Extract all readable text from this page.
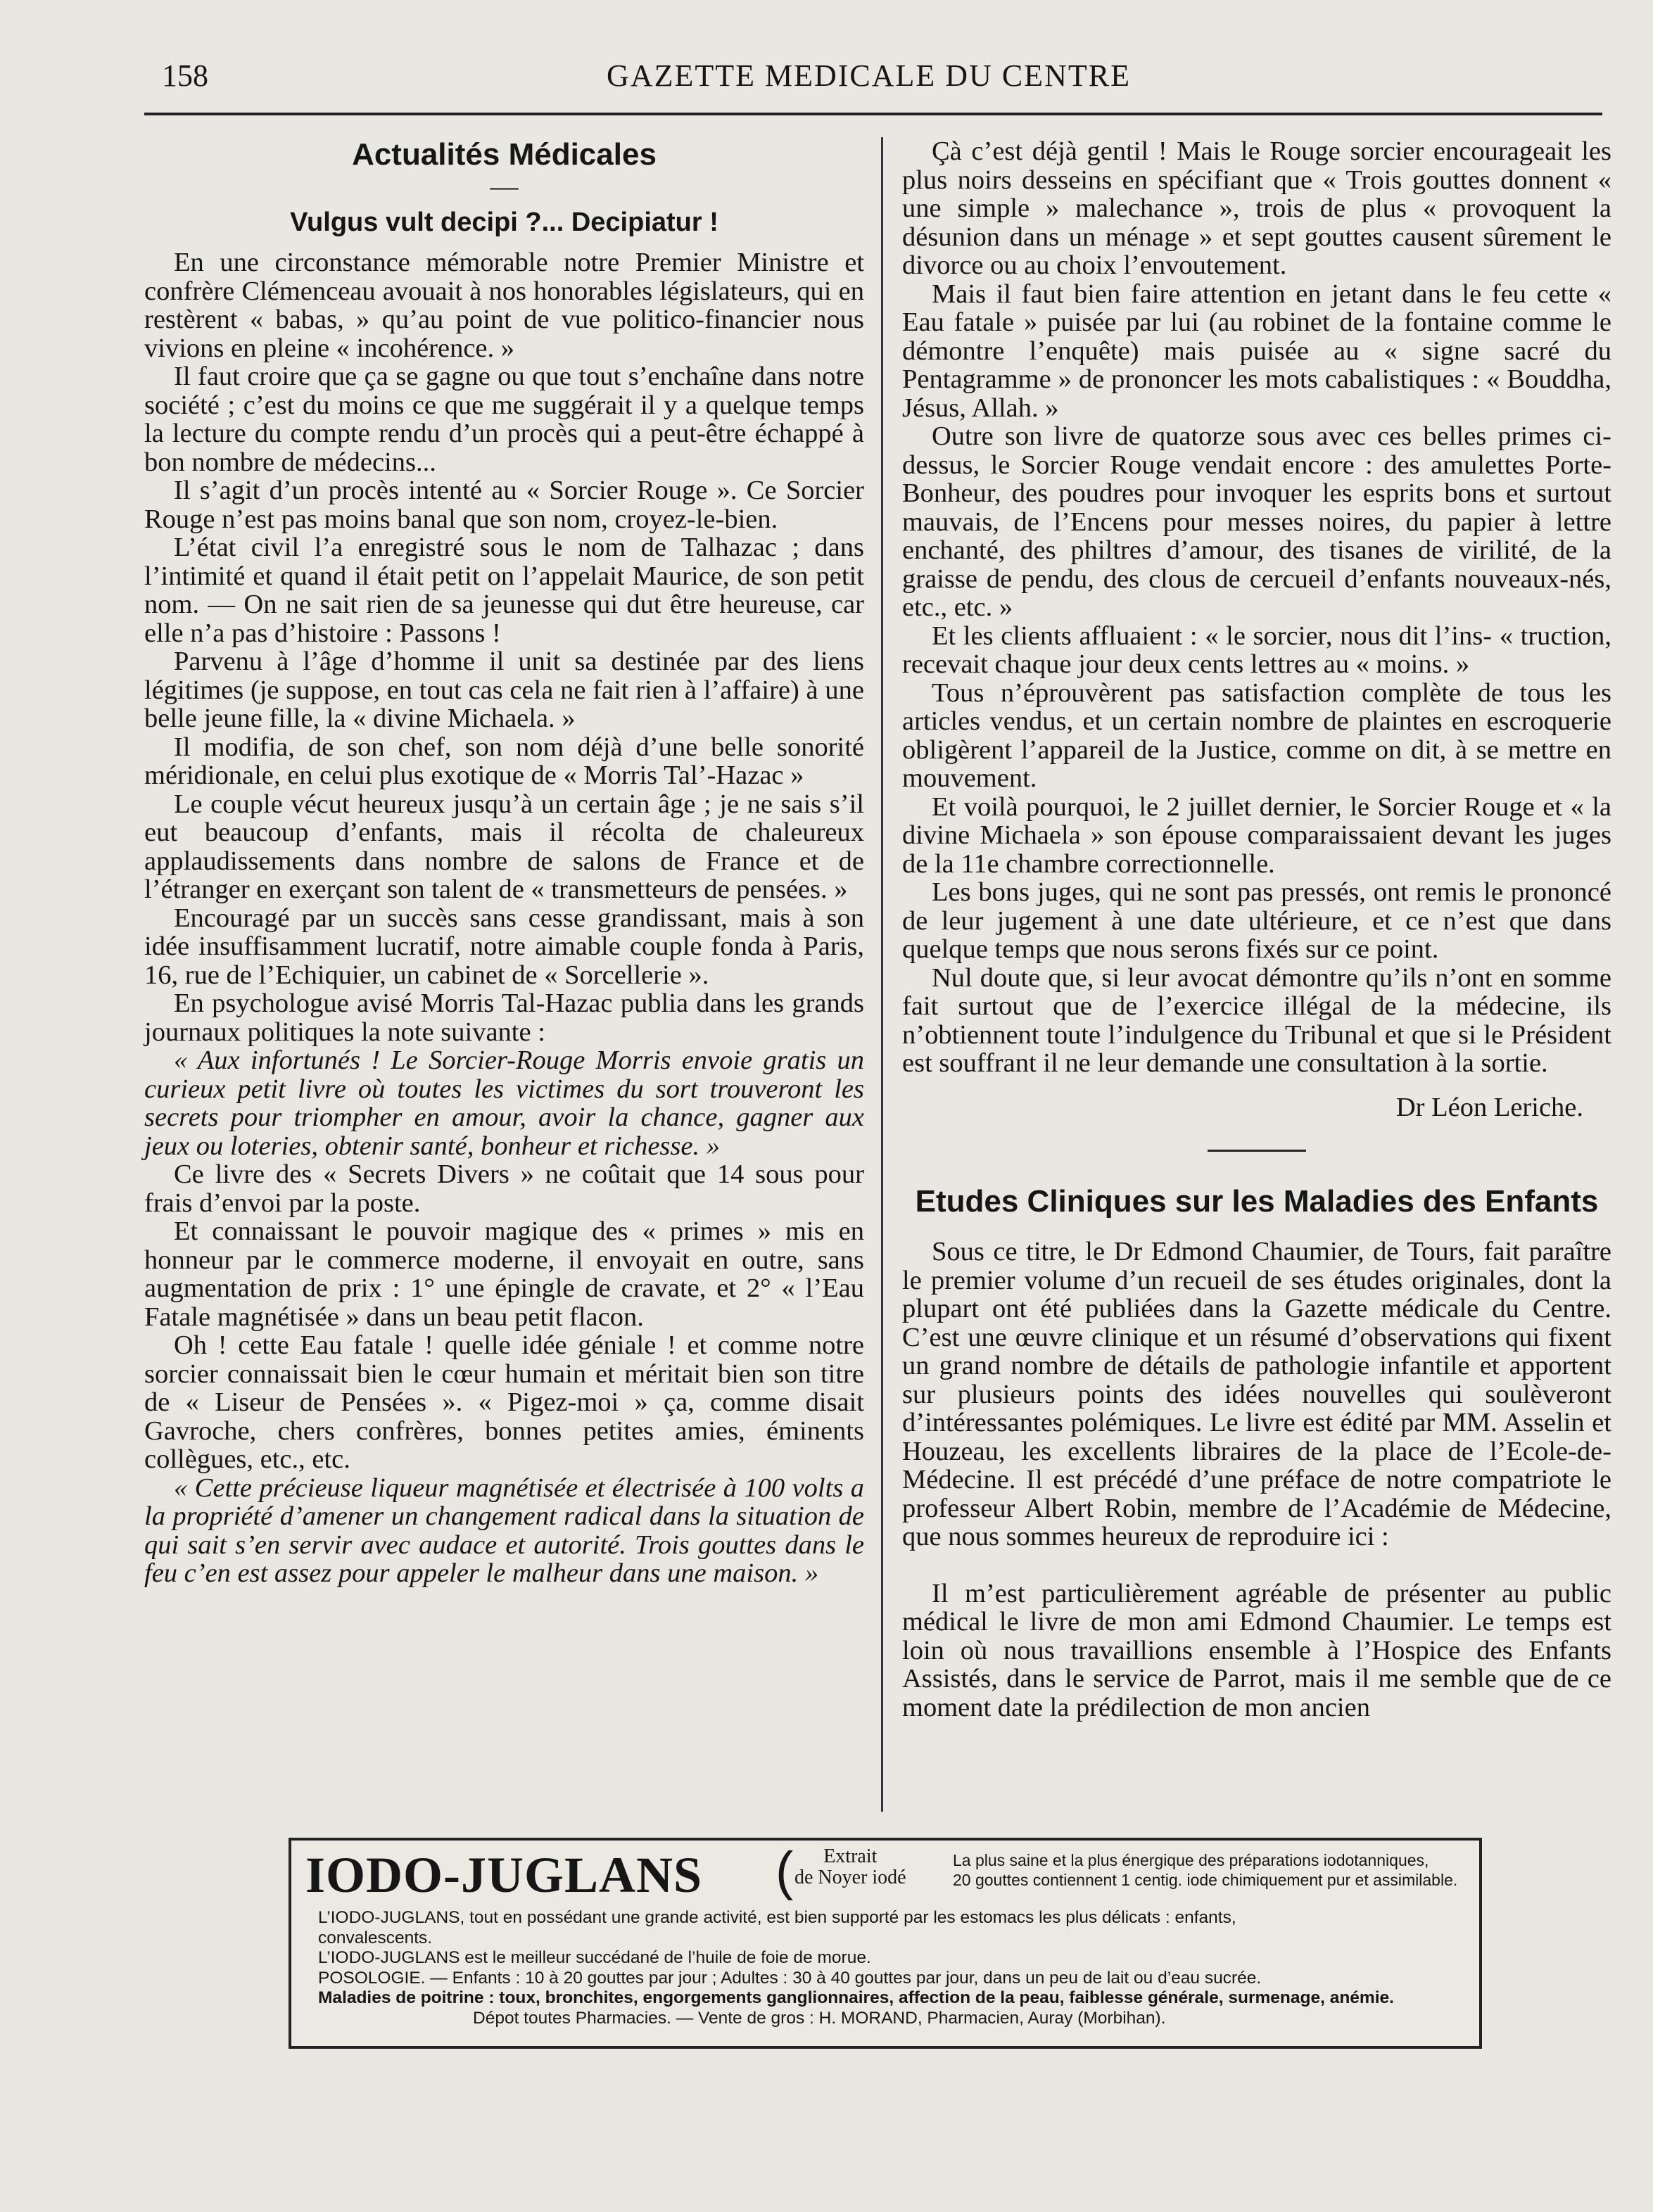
158	GAZETTE MEDICALE DU CENTRE
Actualités Médicales
—
Vulgus vult decipi ?... Decipiatur !

En une circonstance mémorable notre Premier Ministre et confrère Clémenceau avouait à nos honorables législateurs, qui en restèrent « babas, » qu’au point de vue politico-financier nous vivions en pleine « incohérence. »

Il faut croire que ça se gagne ou que tout s’enchaîne dans notre société ; c’est du moins ce que me suggérait il y a quelque temps la lecture du compte rendu d’un procès qui a peut-être échappé à bon nombre de médecins...

Il s’agit d’un procès intenté au « Sorcier Rouge ». Ce Sorcier Rouge n’est pas moins banal que son nom, croyez-le-bien.

L’état civil l’a enregistré sous le nom de Talhazac ; dans l’intimité et quand il était petit on l’appelait Maurice, de son petit nom. — On ne sait rien de sa jeunesse qui dut être heureuse, car elle n’a pas d’histoire : Passons !

Parvenu à l’âge d’homme il unit sa destinée par des liens légitimes (je suppose, en tout cas cela ne fait rien à l’affaire) à une belle jeune fille, la « divine Michaela. »

Il modifia, de son chef, son nom déjà d’une belle sonorité méridionale, en celui plus exotique de « Morris Tal’-Hazac »

Le couple vécut heureux jusqu’à un certain âge ; je ne sais s’il eut beaucoup d’enfants, mais il récolta de chaleureux applaudissements dans nombre de salons de France et de l’étranger en exerçant son talent de « transmetteurs de pensées. »

Encouragé par un succès sans cesse grandissant, mais à son idée insuffisamment lucratif, notre aimable couple fonda à Paris, 16, rue de l’Echiquier, un cabinet de « Sorcellerie ».

En psychologue avisé Morris Tal-Hazac publia dans les grands journaux politiques la note suivante :

« Aux infortunés ! Le Sorcier-Rouge Morris envoie gratis un curieux petit livre où toutes les victimes du sort trouveront les secrets pour triompher en amour, avoir la chance, gagner aux jeux ou loteries, obtenir santé, bonheur et richesse. »

Ce livre des « Secrets Divers » ne coûtait que 14 sous pour frais d’envoi par la poste.

Et connaissant le pouvoir magique des « primes » mis en honneur par le commerce moderne, il envoyait en outre, sans augmentation de prix : 1° une épingle de cravate, et 2° « l’Eau Fatale magnétisée » dans un beau petit flacon.

Oh ! cette Eau fatale ! quelle idée géniale ! et comme notre sorcier connaissait bien le cœur humain et méritait bien son titre de « Liseur de Pensées ». « Pigez-moi » ça, comme disait Gavroche, chers confrères, bonnes petites amies, éminents collègues, etc., etc.

« Cette précieuse liqueur magnétisée et électrisée à 100 volts a la propriété d’amener un changement radical dans la situation de qui sait s’en servir avec audace et autorité. Trois gouttes dans le feu c’en est assez pour appeler le malheur dans une maison. »

Çà c’est déjà gentil ! Mais le Rouge sorcier encourageait les plus noirs desseins en spécifiant que « Trois gouttes donnent « une simple » malechance », trois de plus « provoquent la désunion dans un ménage » et sept gouttes causent sûrement le divorce ou au choix l’envoutement.

Mais il faut bien faire attention en jetant dans le feu cette « Eau fatale » puisée par lui (au robinet de la fontaine comme le démontre l’enquête) mais puisée au « signe sacré du Pentagramme » de prononcer les mots cabalistiques : « Bouddha, Jésus, Allah. »

Outre son livre de quatorze sous avec ces belles primes ci-dessus, le Sorcier Rouge vendait encore : des amulettes Porte-Bonheur, des poudres pour invoquer les esprits bons et surtout mauvais, de l’Encens pour messes noires, du papier à lettre enchanté, des philtres d’amour, des tisanes de virilité, de la graisse de pendu, des clous de cercueil d’enfants nouveaux-nés, etc., etc. »

Et les clients affluaient : « le sorcier, nous dit l’ins- « truction, recevait chaque jour deux cents lettres au « moins. »

Tous n’éprouvèrent pas satisfaction complète de tous les articles vendus, et un certain nombre de plaintes en escroquerie obligèrent l’appareil de la Justice, comme on dit, à se mettre en mouvement.

Et voilà pourquoi, le 2 juillet dernier, le Sorcier Rouge et « la divine Michaela » son épouse comparaissaient devant les juges de la 11e chambre correctionnelle.

Les bons juges, qui ne sont pas pressés, ont remis le prononcé de leur jugement à une date ultérieure, et ce n’est que dans quelque temps que nous serons fixés sur ce point.

Nul doute que, si leur avocat démontre qu’ils n’ont en somme fait surtout que de l’exercice illégal de la médecine, ils n’obtiennent toute l’indulgence du Tribunal et que si le Président est souffrant il ne leur demande une consultation à la sortie.

Dr Léon Leriche.
Etudes Cliniques sur les Maladies des Enfants

Sous ce titre, le Dr Edmond Chaumier, de Tours, fait paraître le premier volume d’un recueil de ses études originales, dont la plupart ont été publiées dans la Gazette médicale du Centre. C’est une œuvre clinique et un résumé d’observations qui fixent un grand nombre de détails de pathologie infantile et apportent sur plusieurs points des idées nouvelles qui soulèveront d’intéressantes polémiques. Le livre est édité par MM. Asselin et Houzeau, les excellents libraires de la place de l’Ecole-de-Médecine. Il est précédé d’une préface de notre compatriote le professeur Albert Robin, membre de l’Académie de Médecine, que nous sommes heureux de reproduire ici :

Il m’est particulièrement agréable de présenter au public médical le livre de mon ami Edmond Chaumier. Le temps est loin où nous travaillions ensemble à l’Hospice des Enfants Assistés, dans le service de Parrot, mais il me semble que de ce moment date la prédilection de mon ancien

IODO-JUGLANS (	Extrait
de Noyer iodé
La plus saine et la plus énergique des préparations iodotanniques,
20 gouttes contiennent 1 centig. iode chimiquement pur et assimilable.
L’IODO-JUGLANS, tout en possédant une grande activité, est bien supporté par les estomacs les plus délicats : enfants,
convalescents.
L’IODO-JUGLANS est le meilleur succédané de l’huile de foie de morue.
POSOLOGIE. — Enfants : 10 à 20 gouttes par jour ; Adultes : 30 à 40 gouttes par jour, dans un peu de lait ou d’eau sucrée.
Maladies de poitrine : toux, bronchites, engorgements ganglionnaires, affection de la peau, faiblesse générale, surmenage, anémie.
Dépot toutes Pharmacies. — Vente de gros : H. MORAND, Pharmacien, Auray (Morbihan).
